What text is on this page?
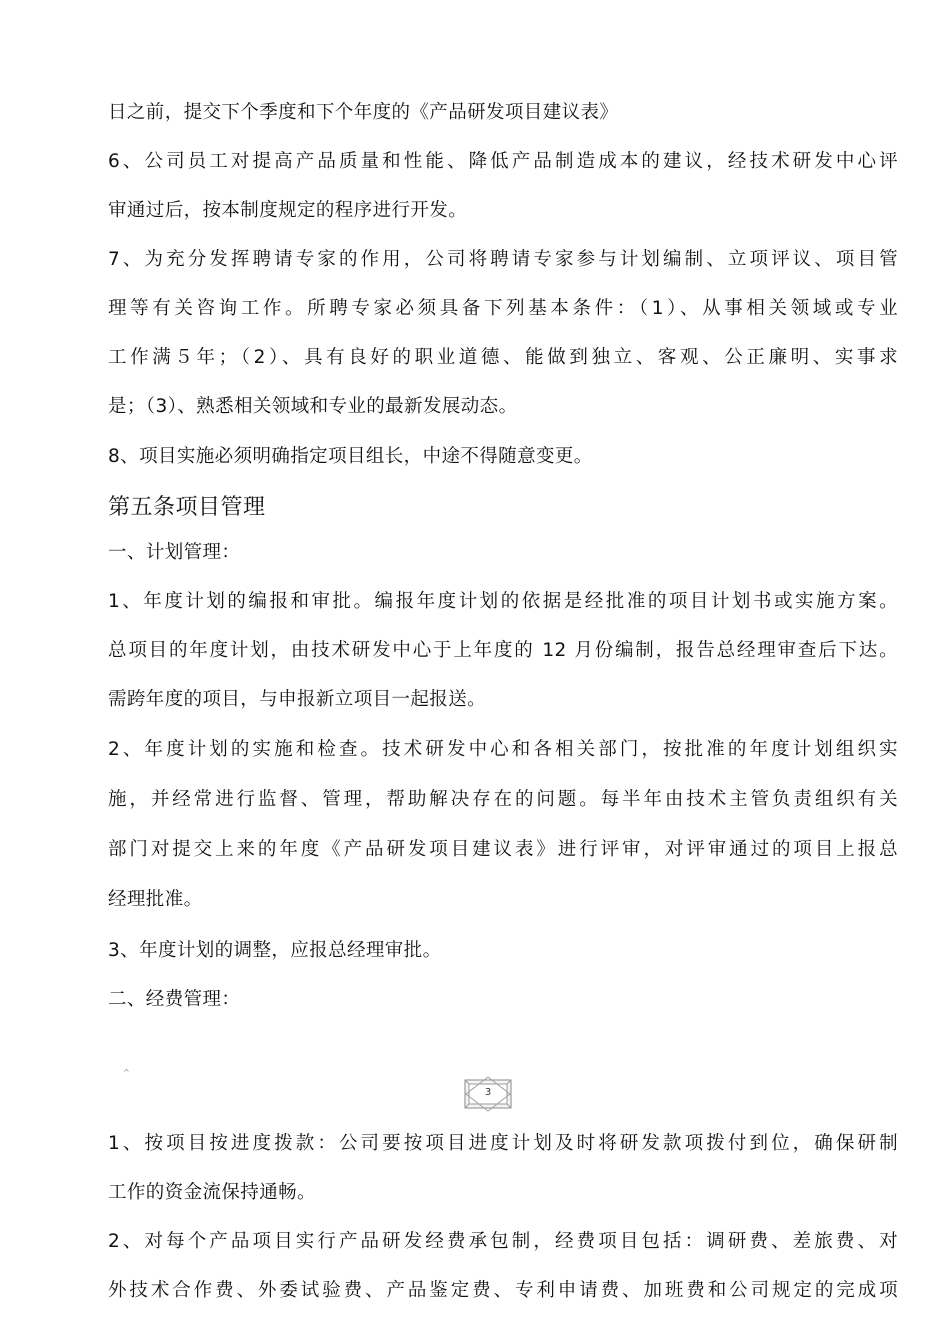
日之前，提交下个季度和下个年度的《产品研发项目建议表》
6、公司员工对提高产品质量和性能、降低产品制造成本的建议，经技术研发中心评
审通过后，按本制度规定的程序进行开发。
7、为充分发挥聘请专家的作用，公司将聘请专家参与计划编制、立项评议、项目管
理等有关咨询工作。所聘专家必须具备下列基本条件：（1）、从事相关领域或专业
工作满５年；（2）、具有良好的职业道德、能做到独立、客观、公正廉明、实事求
是；（3）、熟悉相关领域和专业的最新发展动态。
8、项目实施必须明确指定项目组长，中途不得随意变更。
第五条项目管理
一、计划管理：
1、年度计划的编报和审批。编报年度计划的依据是经批准的项目计划书或实施方案。
总项目的年度计划，由技术研发中心于上年度的 12 月份编制，报告总经理审查后下达。
需跨年度的项目，与申报新立项目一起报送。
2、年度计划的实施和检查。技术研发中心和各相关部门，按批准的年度计划组织实
施，并经常进行监督、管理，帮助解决存在的问题。每半年由技术主管负责组织有关
部门对提交上来的年度《产品研发项目建议表》进行评审，对评审通过的项目上报总
经理批准。
3、年度计划的调整，应报总经理审批。
二、经费管理：
^
3
1、按项目按进度拨款：公司要按项目进度计划及时将研发款项拨付到位，确保研制
工作的资金流保持通畅。
2、对每个产品项目实行产品研发经费承包制，经费项目包括：调研费、差旅费、对
外技术合作费、外委试验费、产品鉴定费、专利申请费、加班费和公司规定的完成项
